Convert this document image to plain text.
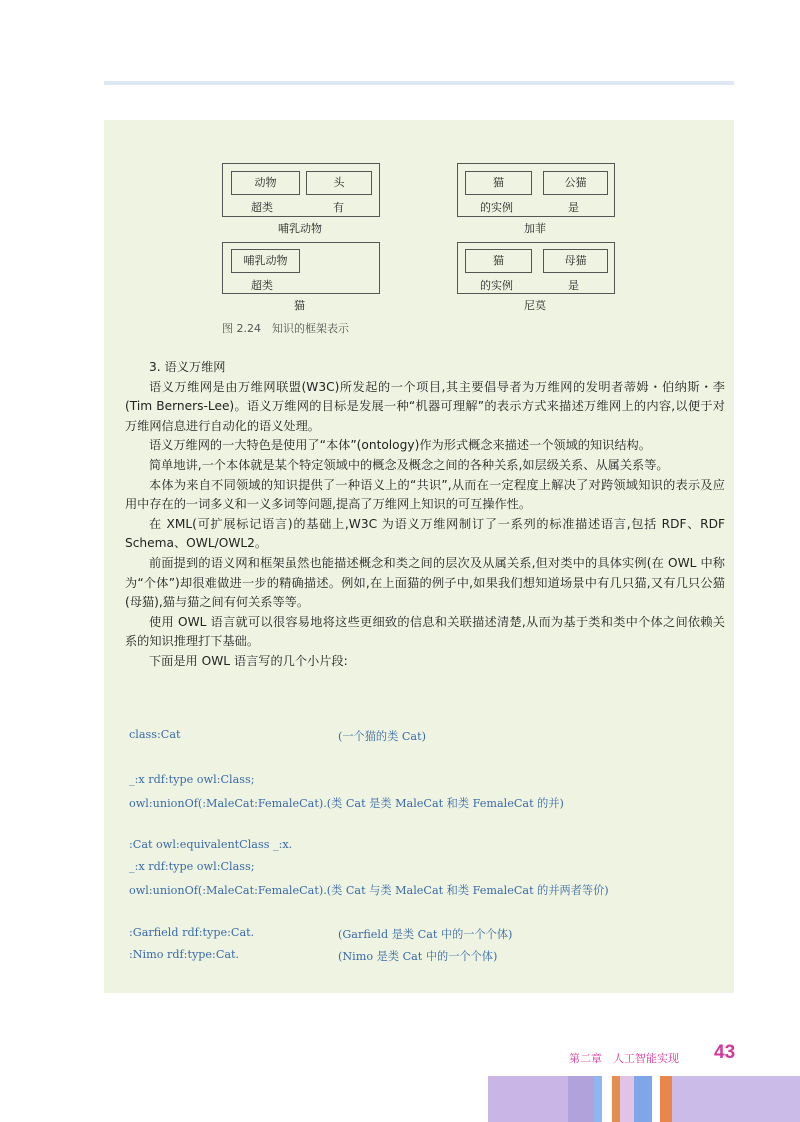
动物	头
超类	有
哺乳动物
猫	公猫
的实例	是
加菲
哺乳动物
超类
猫
猫	母猫
的实例	是
尼莫
图 2.24　知识的框架表示

3. 语义万维网

语义万维网是由万维网联盟(W3C)所发起的一个项目,其主要倡导者为万维网的发明者蒂姆・伯纳斯・李(Tim Berners-Lee)。语义万维网的目标是发展一种“机器可理解”的表示方式来描述万维网上的内容,以便于对万维网信息进行自动化的语义处理。

语义万维网的一大特色是使用了“本体”(ontology)作为形式概念来描述一个领域的知识结构。

简单地讲,一个本体就是某个特定领域中的概念及概念之间的各种关系,如层级关系、从属关系等。

本体为来自不同领域的知识提供了一种语义上的“共识”,从而在一定程度上解决了对跨领域知识的表示及应用中存在的一词多义和一义多词等问题,提高了万维网上知识的可互操作性。

在 XML(可扩展标记语言)的基础上,W3C 为语义万维网制订了一系列的标准描述语言,包括 RDF、RDF Schema、OWL/OWL2。

前面提到的语义网和框架虽然也能描述概念和类之间的层次及从属关系,但对类中的具体实例(在 OWL 中称为“个体”)却很难做进一步的精确描述。例如,在上面猫的例子中,如果我们想知道场景中有几只猫,又有几只公猫(母猫),猫与猫之间有何关系等等。

使用 OWL 语言就可以很容易地将这些更细致的信息和关联描述清楚,从而为基于类和类中个体之间依赖关系的知识推理打下基础。

下面是用 OWL 语言写的几个小片段:

class:Cat	(一个猫的类 Cat)
_:x rdf:type owl:Class;
owl:unionOf(:MaleCat:FemaleCat).(类 Cat 是类 MaleCat 和类 FemaleCat 的并)
:Cat owl:equivalentClass _:x.
_:x rdf:type owl:Class;
owl:unionOf(:MaleCat:FemaleCat).(类 Cat 与类 MaleCat 和类 FemaleCat 的并两者等价)
:Garfield rdf:type:Cat.	(Garfield 是类 Cat 中的一个个体)
:Nimo rdf:type:Cat.	(Nimo 是类 Cat 中的一个个体)
第二章　人工智能实现 43
